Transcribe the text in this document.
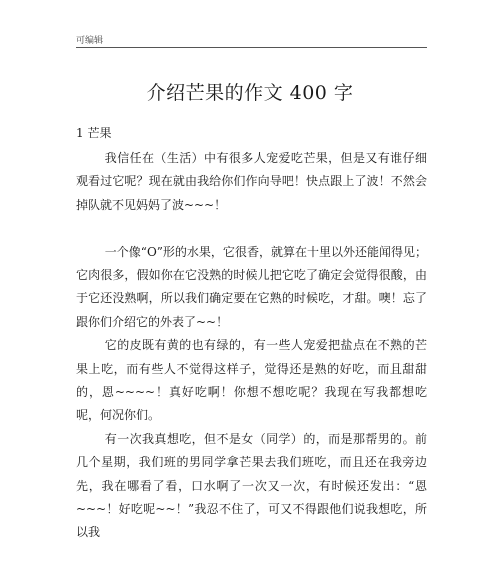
可编辑
介绍芒果的作文 400 字
1 芒果

我信任在（生活）中有很多人宠爱吃芒果，但是又有谁仔细观看过它呢？现在就由我给你们作向导吧！快点跟上了波！不然会掉队就不见妈妈了波~~~！

一个像“O”形的水果，它很香，就算在十里以外还能闻得见；它肉很多，假如你在它没熟的时候儿把它吃了确定会觉得很酸，由于它还没熟啊，所以我们确定要在它熟的时候吃，才甜。噢！忘了跟你们介绍它的外表了~~！

它的皮既有黄的也有绿的，有一些人宠爱把盐点在不熟的芒果上吃，而有些人不觉得这样子，觉得还是熟的好吃，而且甜甜的，恩~~~~！真好吃啊！你想不想吃呢？我现在写我都想吃呢，何况你们。

有一次我真想吃，但不是女（同学）的，而是那帮男的。前几个星期，我们班的男同学拿芒果去我们班吃，而且还在我旁边先，我在哪看了看，口水啊了一次又一次，有时候还发出：“恩~~~！好吃呢~~！”我忍不住了，可又不得跟他们说我想吃，所以我
